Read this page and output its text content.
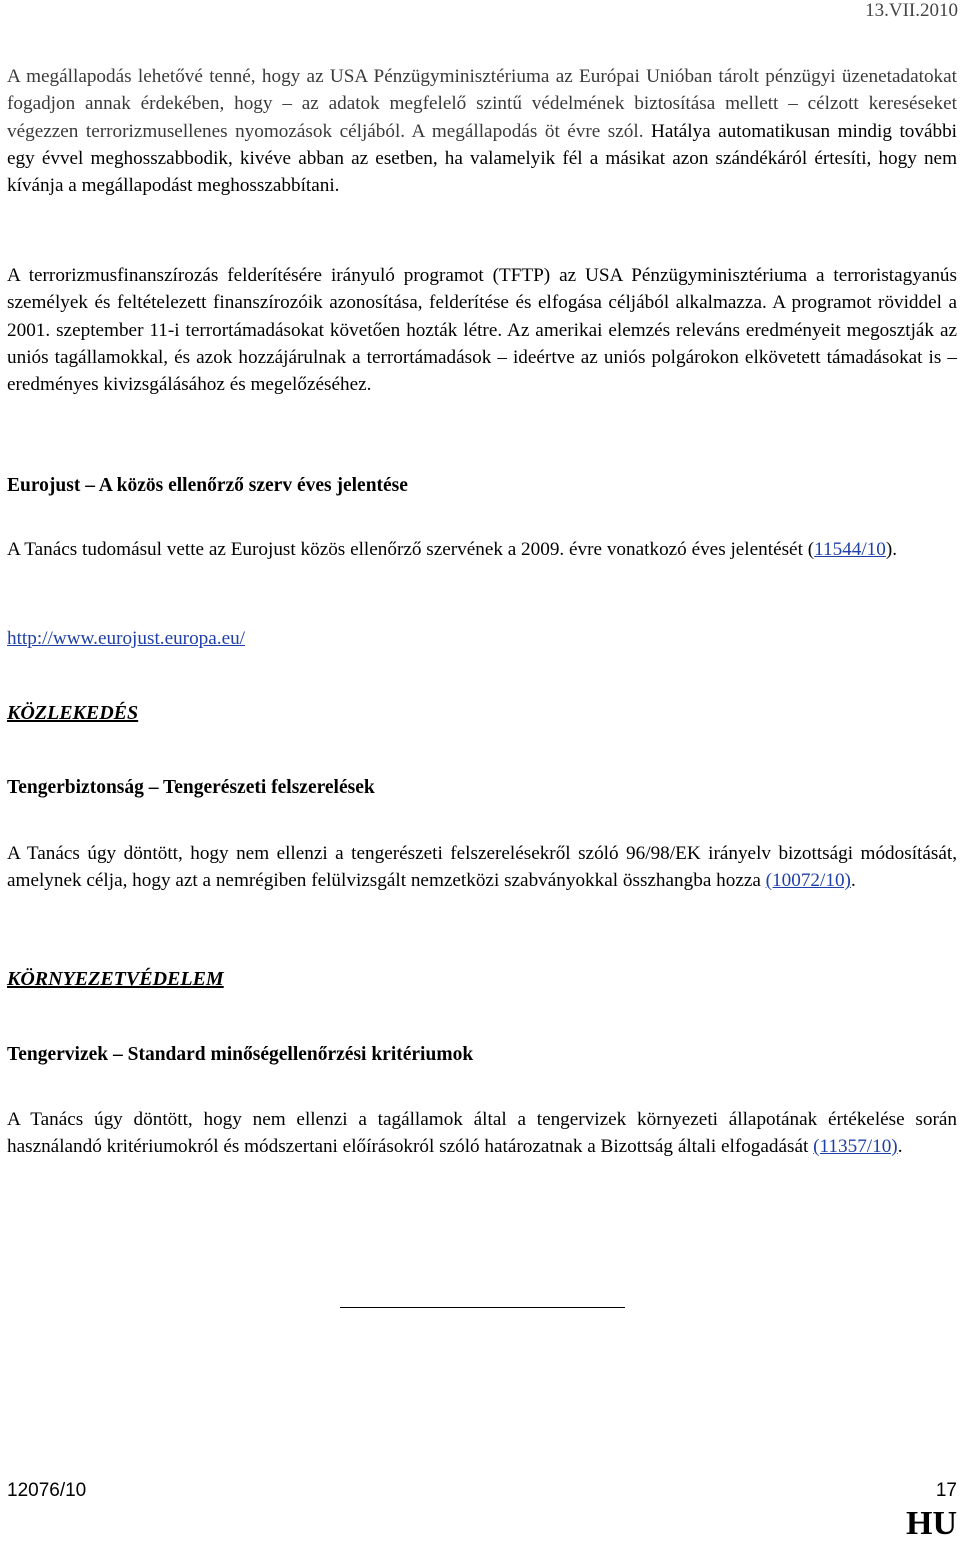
13.VII.2010

A megállapodás lehetővé tenné, hogy az USA Pénzügyminisztériuma az Európai Unióban tárolt pénzügyi üzenetadatokat fogadjon annak érdekében, hogy – az adatok megfelelő szintű védelmének biztosítása mellett – célzott kereséseket végezzen terrorizmusellenes nyomozások céljából. A megállapodás öt évre szól. Hatálya automatikusan mindig további egy évvel meghosszabbodik, kivéve abban az esetben, ha valamelyik fél a másikat azon szándékáról értesíti, hogy nem kívánja a megállapodást meghosszabbítani.

A terrorizmusfinanszírozás felderítésére irányuló programot (TFTP) az USA Pénzügyminisztériuma a terroristagyanús személyek és feltételezett finanszírozóik azonosítása, felderítése és elfogása céljából alkalmazza. A programot röviddel a 2001. szeptember 11-i terrortámadásokat követően hozták létre. Az amerikai elemzés releváns eredményeit megosztják az uniós tagállamokkal, és azok hozzájárulnak a terrortámadások – ideértve az uniós polgárokon elkövetett támadásokat is – eredményes kivizsgálásához és megelőzéséhez.

Eurojust – A közös ellenőrző szerv éves jelentése

A Tanács tudomásul vette az Eurojust közös ellenőrző szervének a 2009. évre vonatkozó éves jelentését (11544/10).

http://www.eurojust.europa.eu/
KÖZLEKEDÉS
Tengerbiztonság – Tengerészeti felszerelések

A Tanács úgy döntött, hogy nem ellenzi a tengerészeti felszerelésekről szóló 96/98/EK irányelv bizottsági módosítását, amelynek célja, hogy azt a nemrégiben felülvizsgált nemzetközi szabványokkal összhangba hozza (10072/10).

KÖRNYEZETVÉDELEM
Tengervizek – Standard minőségellenőrzési kritériumok

A Tanács úgy döntött, hogy nem ellenzi a tagállamok által a tengervizek környezeti állapotának értékelése során használandó kritériumokról és módszertani előírásokról szóló határozatnak a Bizottság általi elfogadását (11357/10).

12076/10	17
HU
